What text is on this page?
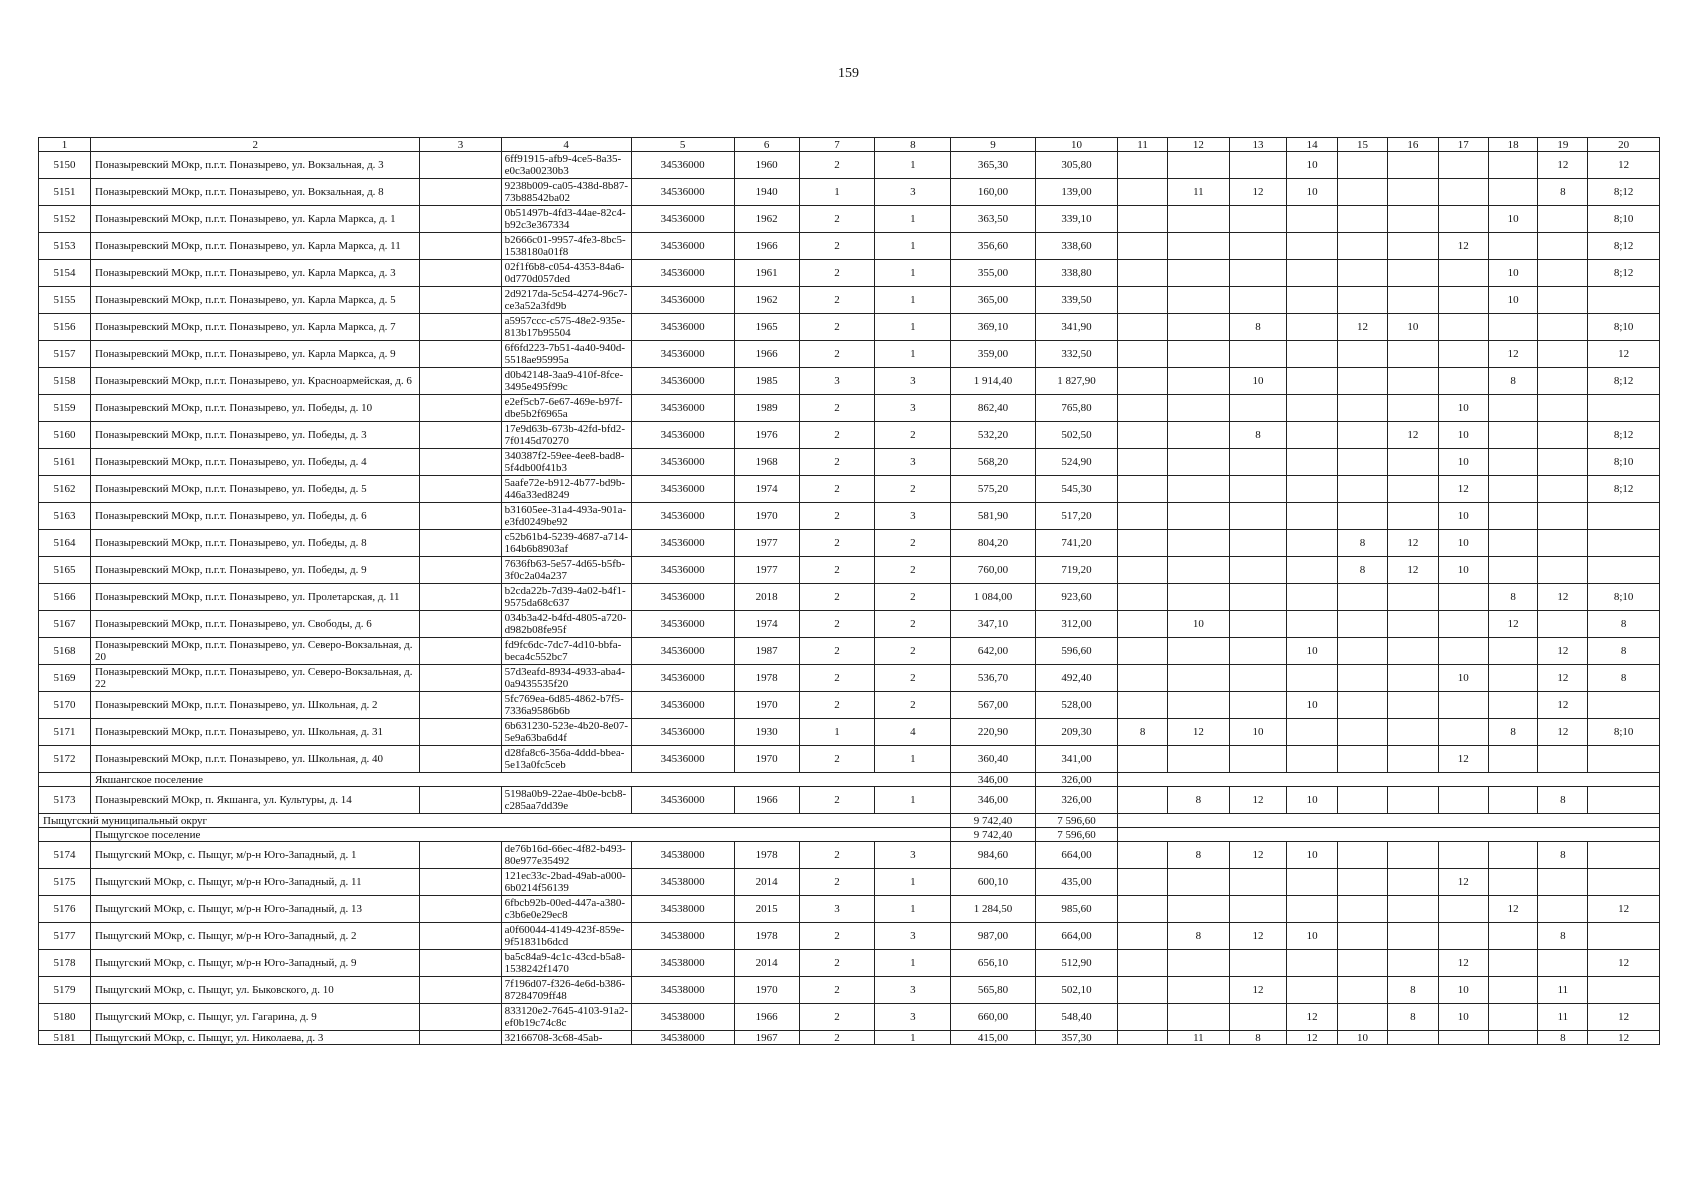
159
1	2	3	4	5	6	7	8	9	10	11	12	13	14	15	16	17	18	19	20
5150	Поназыревский МОкр, п.г.т. Поназырево, ул. Вокзальная, д. 3		6ff91915-afb9-4ce5-8a35-e0c3a00230b3	34536000	1960	2	1	365,30	305,80				10					12	12
5151	Поназыревский МОкр, п.г.т. Поназырево, ул. Вокзальная, д. 8		9238b009-ca05-438d-8b87-73b88542ba02	34536000	1940	1	3	160,00	139,00		11	12	10					8	8;12
5152	Поназыревский МОкр, п.г.т. Поназырево, ул. Карла Маркса, д. 1		0b51497b-4fd3-44ae-82c4-b92c3e367334	34536000	1962	2	1	363,50	339,10								10		8;10
5153	Поназыревский МОкр, п.г.т. Поназырево, ул. Карла Маркса, д. 11		b2666c01-9957-4fe3-8bc5-1538180a01f8	34536000	1966	2	1	356,60	338,60							12			8;12
5154	Поназыревский МОкр, п.г.т. Поназырево, ул. Карла Маркса, д. 3		02f1f6b8-c054-4353-84a6-0d770d057ded	34536000	1961	2	1	355,00	338,80								10		8;12
5155	Поназыревский МОкр, п.г.т. Поназырево, ул. Карла Маркса, д. 5		2d9217da-5c54-4274-96c7-ce3a52a3fd9b	34536000	1962	2	1	365,00	339,50								10		
5156	Поназыревский МОкр, п.г.т. Поназырево, ул. Карла Маркса, д. 7		a5957ccc-c575-48e2-935e-813b17b95504	34536000	1965	2	1	369,10	341,90			8		12	10				8;10
5157	Поназыревский МОкр, п.г.т. Поназырево, ул. Карла Маркса, д. 9		6f6fd223-7b51-4a40-940d-5518ae95995a	34536000	1966	2	1	359,00	332,50								12		12
5158	Поназыревский МОкр, п.г.т. Поназырево, ул. Красноармейская, д. 6		d0b42148-3aa9-410f-8fce-3495e495f99c	34536000	1985	3	3	1 914,40	1 827,90			10					8		8;12
5159	Поназыревский МОкр, п.г.т. Поназырево, ул. Победы, д. 10		e2ef5cb7-6e67-469e-b97f-dbe5b2f6965a	34536000	1989	2	3	862,40	765,80							10			
5160	Поназыревский МОкр, п.г.т. Поназырево, ул. Победы, д. 3		17e9d63b-673b-42fd-bfd2-7f0145d70270	34536000	1976	2	2	532,20	502,50			8			12	10			8;12
5161	Поназыревский МОкр, п.г.т. Поназырево, ул. Победы, д. 4		340387f2-59ee-4ee8-bad8-5f4db00f41b3	34536000	1968	2	3	568,20	524,90							10			8;10
5162	Поназыревский МОкр, п.г.т. Поназырево, ул. Победы, д. 5		5aafe72e-b912-4b77-bd9b-446a33ed8249	34536000	1974	2	2	575,20	545,30							12			8;12
5163	Поназыревский МОкр, п.г.т. Поназырево, ул. Победы, д. 6		b31605ee-31a4-493a-901a-e3fd0249be92	34536000	1970	2	3	581,90	517,20							10			
5164	Поназыревский МОкр, п.г.т. Поназырево, ул. Победы, д. 8		c52b61b4-5239-4687-a714-164b6b8903af	34536000	1977	2	2	804,20	741,20					8	12	10			
5165	Поназыревский МОкр, п.г.т. Поназырево, ул. Победы, д. 9		7636fb63-5e57-4d65-b5fb-3f0c2a04a237	34536000	1977	2	2	760,00	719,20					8	12	10			
5166	Поназыревский МОкр, п.г.т. Поназырево, ул. Пролетарская, д. 11		b2cda22b-7d39-4a02-b4f1-9575da68c637	34536000	2018	2	2	1 084,00	923,60								8	12	8;10
5167	Поназыревский МОкр, п.г.т. Поназырево, ул. Свободы, д. 6		034b3a42-b4fd-4805-a720-d982b08fe95f	34536000	1974	2	2	347,10	312,00		10						12		8
5168	Поназыревский МОкр, п.г.т. Поназырево, ул. Северо-Вокзальная, д. 20		fd9fc6dc-7dc7-4d10-bbfa-beca4c552bc7	34536000	1987	2	2	642,00	596,60				10					12	8
5169	Поназыревский МОкр, п.г.т. Поназырево, ул. Северо-Вокзальная, д. 22		57d3eafd-8934-4933-aba4-0a9435535f20	34536000	1978	2	2	536,70	492,40							10		12	8
5170	Поназыревский МОкр, п.г.т. Поназырево, ул. Школьная, д. 2		5fc769ea-6d85-4862-b7f5-7336a9586b6b	34536000	1970	2	2	567,00	528,00				10					12	
5171	Поназыревский МОкр, п.г.т. Поназырево, ул. Школьная, д. 31		6b631230-523e-4b20-8e07-5e9a63ba6d4f	34536000	1930	1	4	220,90	209,30	8	12	10					8	12	8;10
5172	Поназыревский МОкр, п.г.т. Поназырево, ул. Школьная, д. 40		d28fa8c6-356a-4ddd-bbea-5e13a0fc5ceb	34536000	1970	2	1	360,40	341,00							12			
	Якшангское поселение							346,00	326,00										
5173	Поназыревский МОкр, п. Якшанга, ул. Культуры, д. 14		5198a0b9-22ae-4b0e-bcb8-c285aa7dd39e	34536000	1966	2	1	346,00	326,00		8	12	10					8	
Пыщугский муниципальный округ								9 742,40	7 596,60										
	Пыщугское поселение							9 742,40	7 596,60										
5174	Пыщугский МОкр, с. Пыщуг, м/р-н Юго-Западный, д. 1		de76b16d-66ec-4f82-b493-80e977e35492	34538000	1978	2	3	984,60	664,00		8	12	10					8	
5175	Пыщугский МОкр, с. Пыщуг, м/р-н Юго-Западный, д. 11		121ec33c-2bad-49ab-a000-6b0214f56139	34538000	2014	2	1	600,10	435,00							12			
5176	Пыщугский МОкр, с. Пыщуг, м/р-н Юго-Западный, д. 13		6fbcb92b-00ed-447a-a380-c3b6e0e29ec8	34538000	2015	3	1	1 284,50	985,60								12		12
5177	Пыщугский МОкр, с. Пыщуг, м/р-н Юго-Западный, д. 2		a0f60044-4149-423f-859e-9f51831b6dcd	34538000	1978	2	3	987,00	664,00		8	12	10					8	
5178	Пыщугский МОкр, с. Пыщуг, м/р-н Юго-Западный, д. 9		ba5c84a9-4c1c-43cd-b5a8-1538242f1470	34538000	2014	2	1	656,10	512,90							12			12
5179	Пыщугский МОкр, с. Пыщуг, ул. Быковского, д. 10		7f196d07-f326-4e6d-b386-87284709ff48	34538000	1970	2	3	565,80	502,10			12			8	10		11	
5180	Пыщугский МОкр, с. Пыщуг, ул. Гагарина, д. 9		833120e2-7645-4103-91a2-ef0b19c74c8c	34538000	1966	2	3	660,00	548,40				12		8	10		11	12
5181	Пыщугский МОкр, с. Пыщуг, ул. Николаева, д. 3		32166708-3c68-45ab-	34538000	1967	2	1	415,00	357,30		11	8	12	10				8	12
